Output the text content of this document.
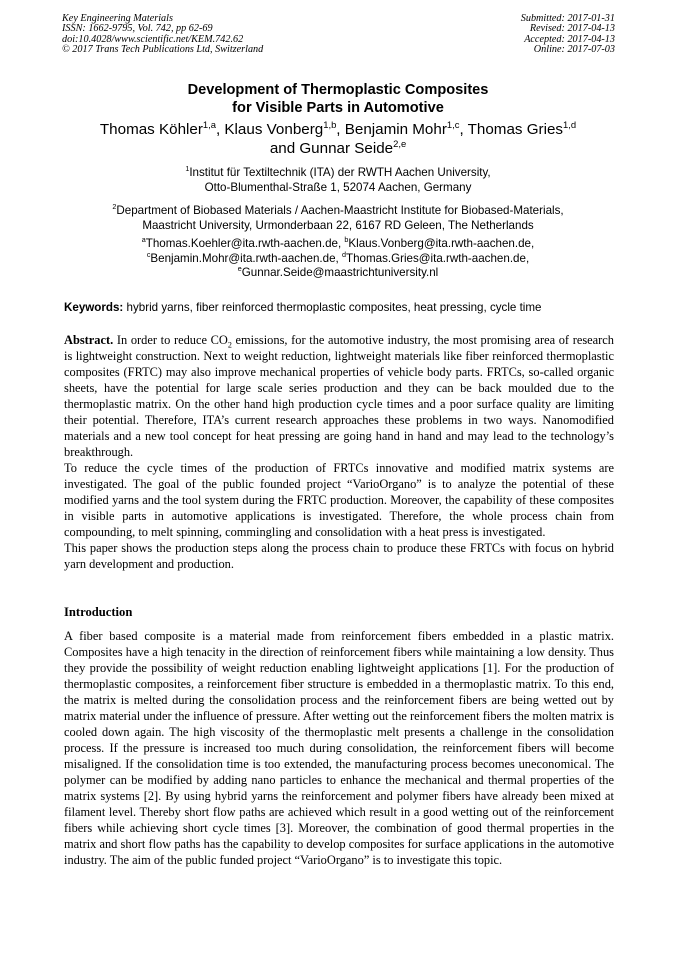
Key Engineering Materials
ISSN: 1662-9795, Vol. 742, pp 62-69
doi:10.4028/www.scientific.net/KEM.742.62
© 2017 Trans Tech Publications Ltd, Switzerland
Submitted: 2017-01-31
Revised: 2017-04-13
Accepted: 2017-04-13
Online: 2017-07-03
Development of Thermoplastic Composites
for Visible Parts in Automotive
Thomas Köhler$^{1,a}$, Klaus Vonberg$^{1,b}$, Benjamin Mohr$^{1,c}$, Thomas Gries$^{1,d}$
and Gunnar Seide$^{2,e}$
$^1$Institut für Textiltechnik (ITA) der RWTH Aachen University,
Otto-Blumenthal-Straße 1, 52074 Aachen, Germany
$^2$Department of Biobased Materials / Aachen-Maastricht Institute for Biobased-Materials,
Maastricht University, Urmonderbaan 22, 6167 RD Geleen, The Netherlands
$^a$Thomas.Koehler@ita.rwth-aachen.de, $^b$Klaus.Vonberg@ita.rwth-aachen.de,
$^c$Benjamin.Mohr@ita.rwth-aachen.de, $^d$Thomas.Gries@ita.rwth-aachen.de,
$^e$Gunnar.Seide@maastrichtuniversity.nl
Keywords: hybrid yarns, fiber reinforced thermoplastic composites, heat pressing, cycle time

Abstract. In order to reduce $CO_2$ emissions, for the automotive industry, the most promising area of research is lightweight construction. Next to weight reduction, lightweight materials like fiber reinforced thermoplastic composites (FRTC) may also improve mechanical properties of vehicle body parts. FRTCs, so-called organic sheets, have the potential for large scale series production and they can be back moulded due to the thermoplastic matrix. On the other hand high production cycle times and a poor surface quality are limiting their potential. Therefore, ITA’s current research approaches these problems in two ways. Nanomodified materials and a new tool concept for heat pressing are going hand in hand and may lead to the technology’s breakthrough.

To reduce the cycle times of the production of FRTCs innovative and modified matrix systems are investigated. The goal of the public founded project “VarioOrgano” is to analyze the potential of these modified yarns and the tool system during the FRTC production. Moreover, the capability of these composites in visible parts in automotive applications is investigated. Therefore, the whole process chain from compounding, to melt spinning, commingling and consolidation with a heat press is investigated.

This paper shows the production steps along the process chain to produce these FRTCs with focus on hybrid yarn development and production.

Introduction

A fiber based composite is a material made from reinforcement fibers embedded in a plastic matrix. Composites have a high tenacity in the direction of reinforcement fibers while maintaining a low density. Thus they provide the possibility of weight reduction enabling lightweight applications [1]. For the production of thermoplastic composites, a reinforcement fiber structure is embedded in a thermoplastic matrix. To this end, the matrix is melted during the consolidation process and the reinforcement fibers are being wetted out by matrix material under the influence of pressure. After wetting out the reinforcement fibers the molten matrix is cooled down again. The high viscosity of the thermoplastic melt presents a challenge in the consolidation process. If the pressure is increased too much during consolidation, the reinforcement fibers will become misaligned. If the consolidation time is too extended, the manufacturing process becomes uneconomical. The polymer can be modified by adding nano particles to enhance the mechanical and thermal properties of the matrix systems [2]. By using hybrid yarns the reinforcement and polymer fibers have already been mixed at filament level. Thereby short flow paths are achieved which result in a good wetting out of the reinforcement fibers while achieving short cycle times [3]. Moreover, the combination of good thermal properties in the matrix and short flow paths has the capability to develop composites for surface applications in the automotive industry. The aim of the public funded project “VarioOrgano” is to investigate this topic.
